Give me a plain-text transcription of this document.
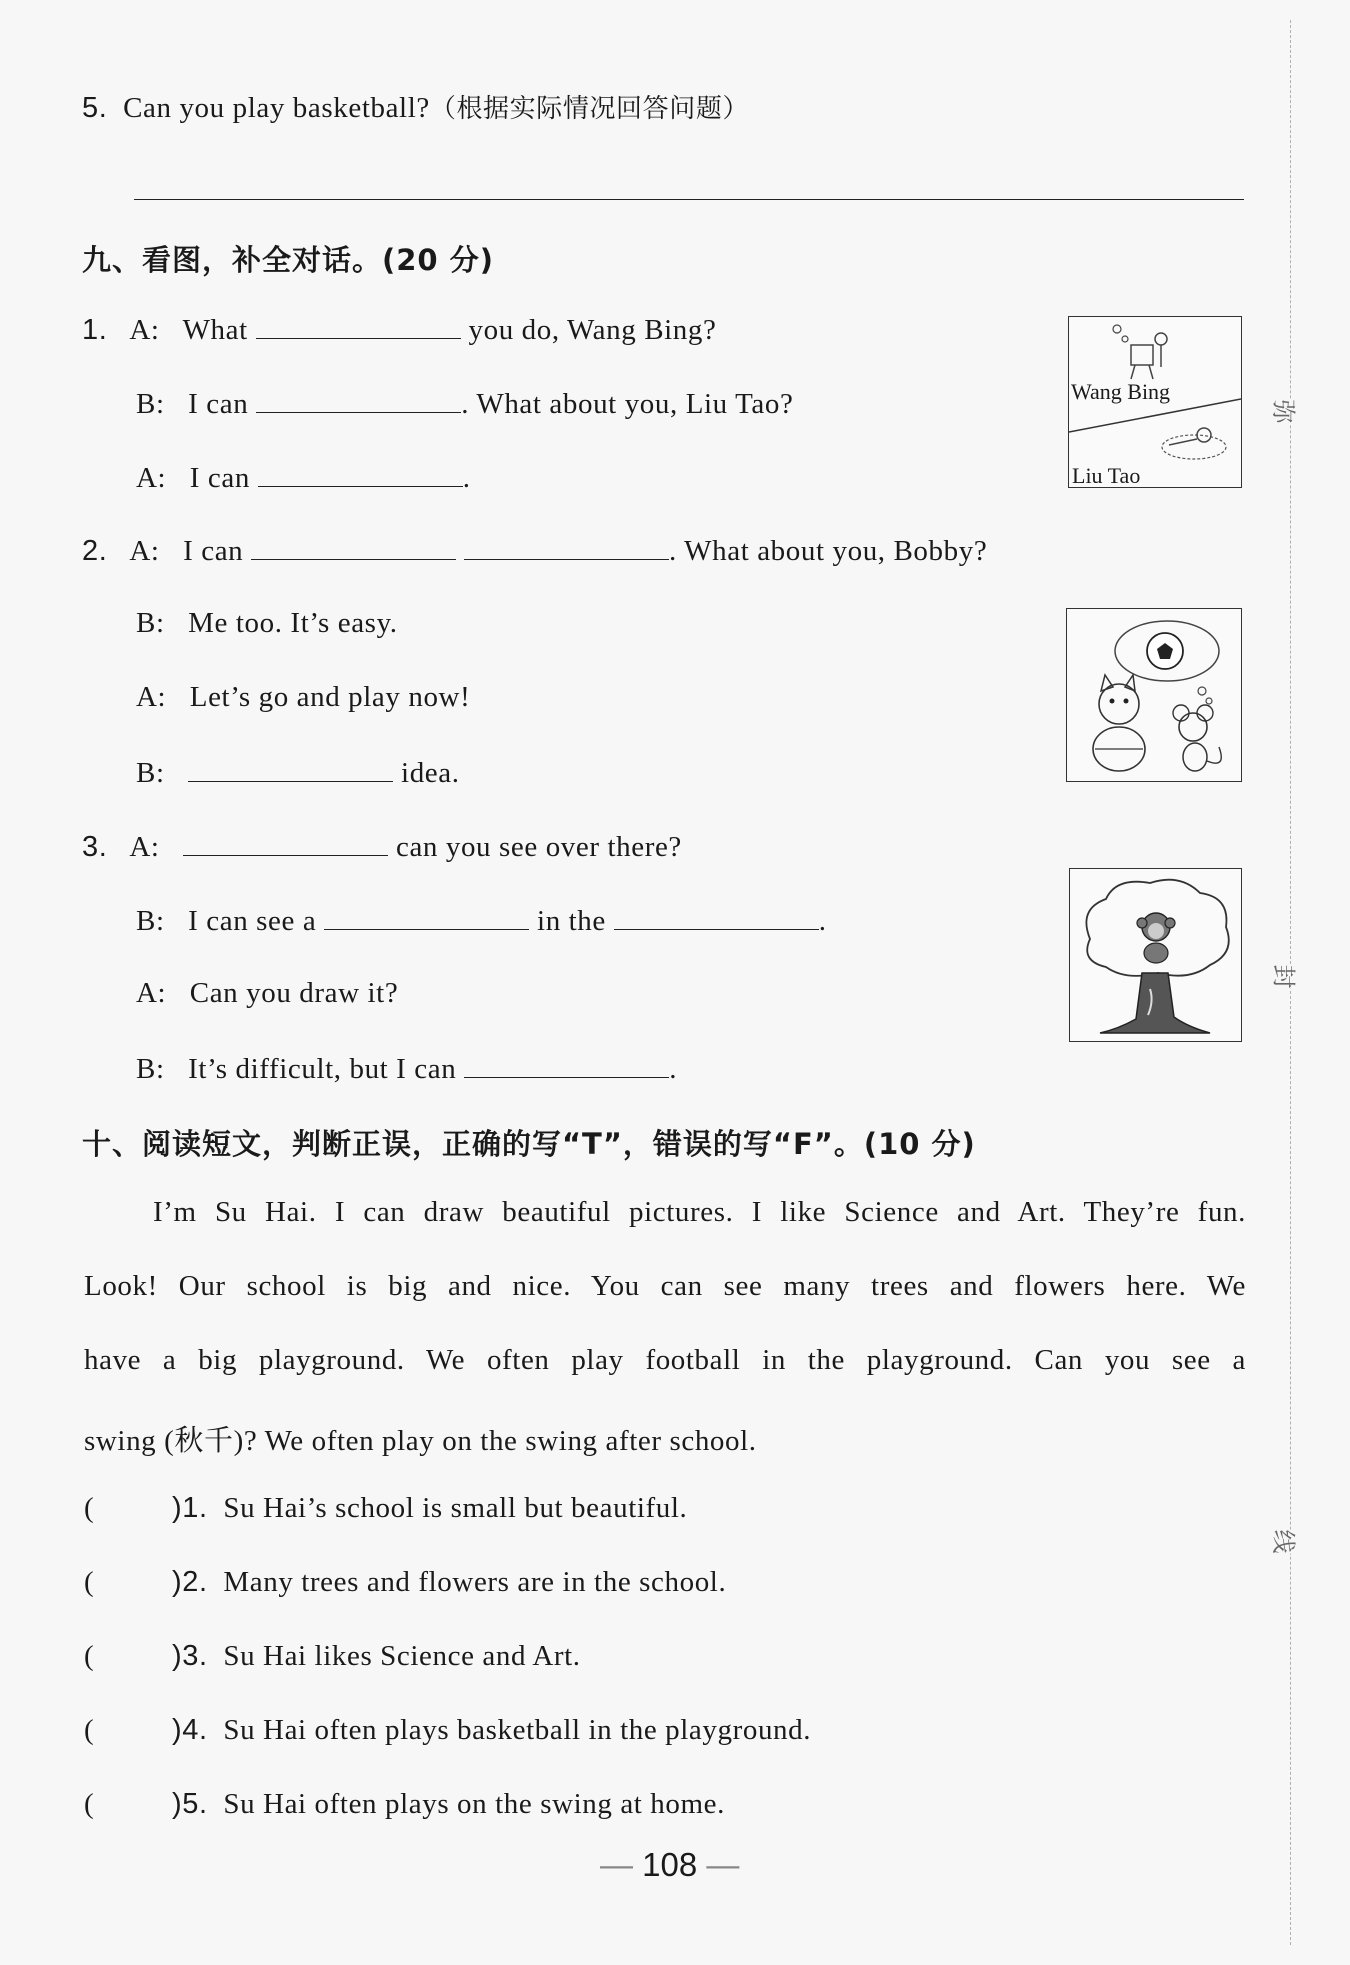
弥
封
线
5. Can you play basketball?（根据实际情况回答问题）
九、看图，补全对话。(20 分)
1. A: What	you do, Wang Bing?
B: I can	. What about you, Liu Tao?
A: I can	.
Wang Bing
Liu Tao
2. A: I can	. What about you, Bobby?
B: Me too. It’s easy.
A: Let’s go and play now!
B:	idea.
3. A:	can you see over there?
B: I can see a	in the	.
A: Can you draw it?
B: It’s difficult, but I can	.
十、阅读短文，判断正误，正确的写“T”，错误的写“F”。(10 分)
I’m Su Hai. I can draw beautiful pictures. I like Science and Art. They’re fun.
Look! Our school is big and nice. You can see many trees and flowers here. We
have a big playground. We often play football in the playground. Can you see a
swing (秋千)? We often play on the swing after school.
(	)1. Su Hai’s school is small but beautiful.
(	)2. Many trees and flowers are in the school.
(	)3. Su Hai likes Science and Art.
(	)4. Su Hai often plays basketball in the playground.
(	)5. Su Hai often plays on the swing at home.
— 108 —
